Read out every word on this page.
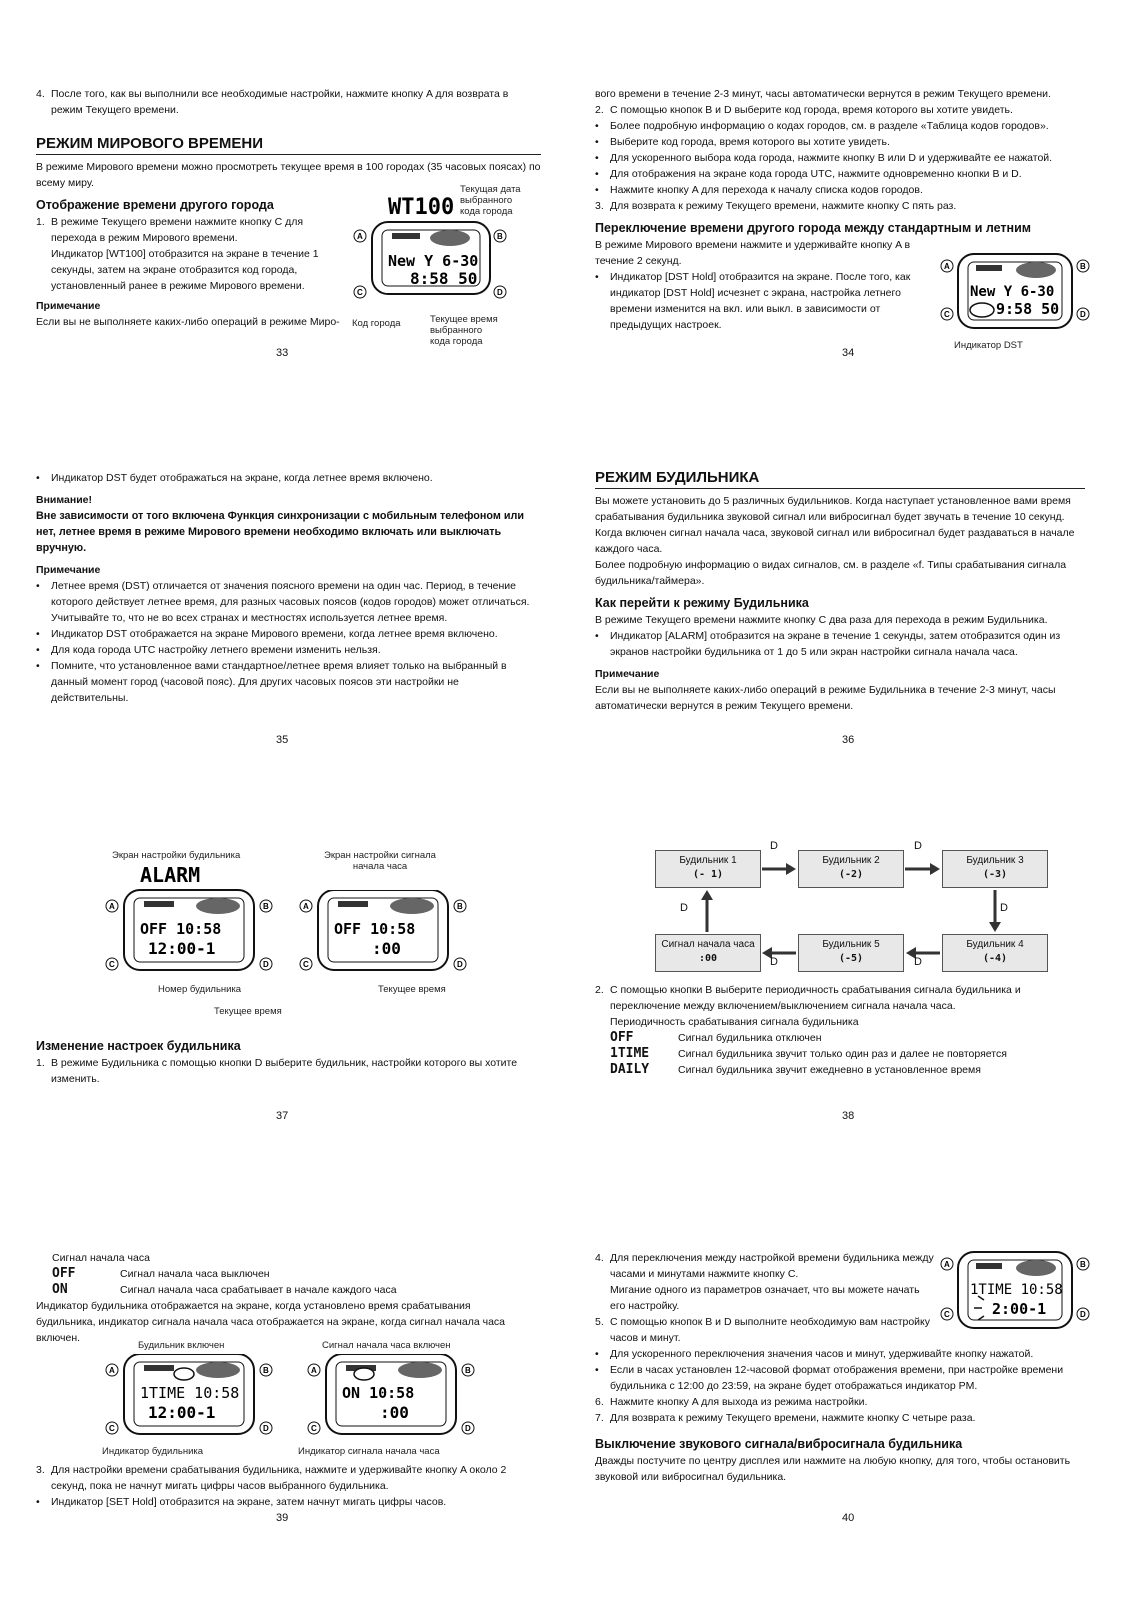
4. После того, как вы выполнили все необходимые настройки, нажмите кнопку A для возврата в режим Текущего времени.
РЕЖИМ МИРОВОГО ВРЕМЕНИ

В режиме Мирового времени можно просмотреть текущее время в 100 городах (35 часовых поясах) по всему миру.

Отображение времени другого города
1. В режиме Текущего времени нажмите кнопку C для перехода в режим Мирового времени.
Индикатор [WT100] отобразится на экране в течение 1 секунды, затем на экране отобразится код города, установленный ранее в режиме Мирового времени.
Примечание

Если вы не выполняете каких-либо операций в режиме Миро-

WT100
New Y 6-30
8:58 50
A	B
C	D
Текущая дата выбранного кода города
Код города	Текущее время выбранного кода города
33

вого времени в течение 2-3 минут, часы автоматически вернутся в режим Текущего времени.

2. С помощью кнопок B и D выберите код города, время которого вы хотите увидеть.
•	Более подробную информацию о кодах городов, см. в разделе «Таблица кодов городов».
•	Выберите код города, время которого вы хотите увидеть.
•	Для ускоренного выбора кода города, нажмите кнопку B или D и удерживайте ее нажатой.
•	Для отображения на экране кода города UTC, нажмите одновременно кнопки B и D.
•	Нажмите кнопку A для перехода к началу списка кодов городов.
3. Для возврата к режиму Текущего времени, нажмите кнопку C пять раз.
Переключение времени другого города между стандартным и летним

В режиме Мирового времени нажмите и удерживайте кнопку A в течение 2 секунд.

•	Индикатор [DST Hold] отобразится на экране. После того, как индикатор [DST Hold] исчезнет с экрана, настройка летнего времени изменится на вкл. или выкл. в зависимости от предыдущих настроек.
New Y 6-30
9:58 50
A	B
C	D
Индикатор DST
34
•	Индикатор DST будет отображаться на экране, когда летнее время включено.
Внимание!

Вне зависимости от того включена Функция синхронизации с мобильным телефоном или нет, летнее время в режиме Мирового времени необходимо включать или выключать вручную.

Примечание
•	Летнее время (DST) отличается от значения поясного времени на один час. Период, в течение которого действует летнее время, для разных часовых поясов (кодов городов) может отличаться. Учитывайте то, что не во всех странах и местностях используется летнее время.
•	Индикатор DST отображается на экране Мирового времени, когда летнее время включено.
•	Для кода города UTC настройку летнего времени изменить нельзя.
•	Помните, что установленное вами стандартное/летнее время влияет только на выбранный в данный момент город (часовой пояс). Для других часовых поясов эти настройки не действительны.
35
РЕЖИМ БУДИЛЬНИКА

Вы можете установить до 5 различных будильников. Когда наступает установленное вами время срабатывания будильника звуковой сигнал или вибросигнал будет звучать в течение 10 секунд.

Когда включен сигнал начала часа, звуковой сигнал или вибросигнал будет раздаваться в начале каждого часа.

Более подробную информацию о видах сигналов, см. в разделе «f. Типы срабатывания сигнала будильника/таймера».

Как перейти к режиму Будильника

В режиме Текущего времени нажмите кнопку C два раза для перехода в режим Будильника.

•	Индикатор [ALARM] отобразится на экране в течение 1 секунды, затем отобразится один из экранов настройки будильника от 1 до 5 или экран настройки сигнала начала часа.
Примечание

Если вы не выполняете каких-либо операций в режиме Будильника в течение 2-3 минут, часы автоматически вернутся в режим Текущего времени.

36
Экран настройки будильника	Экран настройки сигнала начала часа
ALARM
OFF 10:58
12:00-1
A	B
C	D
OFF 10:58
:00
A	B
C	D
Номер будильника	Текущее время
Текущее время
Изменение настроек будильника
1. В режиме Будильника с помощью кнопки D выберите будильник, настройки которого вы хотите изменить.
37
Будильник 1
(- 1)
Будильник 2
(-2)
Будильник 3
(-3)
Будильник 4
(-4)
Будильник 5
(-5)
Сигнал начала часа
:00
D	D
D
D
D
D
2. С помощью кнопки B выберите периодичность срабатывания сигнала будильника и переключение между включением/выключением сигнала начала часа.

Периодичность срабатывания сигнала будильника

OFF	Сигнал будильника отключен
1TIME	Сигнал будильника звучит только один раз и далее не повторяется
DAILY	Сигнал будильника звучит ежедневно в установленное время
38

Сигнал начала часа

OFF	Сигнал начала часа выключен
ON	Сигнал начала часа срабатывает в начале каждого часа

Индикатор будильника отображается на экране, когда установлено время срабатывания будильника, индикатор сигнала начала часа отображается на экране, когда сигнал начала часа включен.

Будильник включен	Сигнал начала часа включен
1TIME 10:58
12:00-1
A	B
C	D
ON 10:58
:00
A	B
C	D
Индикатор будильника	Индикатор сигнала начала часа
3. Для настройки времени срабатывания будильника, нажмите и удерживайте кнопку A около 2 секунд, пока не начнут мигать цифры часов выбранного будильника.
•	Индикатор [SET Hold] отобразится на экране, затем начнут мигать цифры часов.
39
4. Для переключения между настройкой времени будильника между часами и минутами нажмите кнопку C.
Мигание одного из параметров означает, что вы можете начать его настройку.
5. С помощью кнопок B и D выполните необходимую вам настройку часов и минут.
•	Для ускоренного переключения значения часов и минут, удерживайте кнопку нажатой.
•	Если в часах установлен 12-часовой формат отображения времени, при настройке времени будильника с 12:00 до 23:59, на экране будет отображаться индикатор PM.
6. Нажмите кнопку A для выхода из режима настройки.
7. Для возврата к режиму Текущего времени, нажмите кнопку C четыре раза.
Выключение звукового сигнала/вибросигнала будильника

Дважды постучите по центру дисплея или нажмите на любую кнопку, для того, чтобы остановить звуковой или вибросигнал будильника.

1TIME 10:58
2:00-1
A	B
C	D
40
